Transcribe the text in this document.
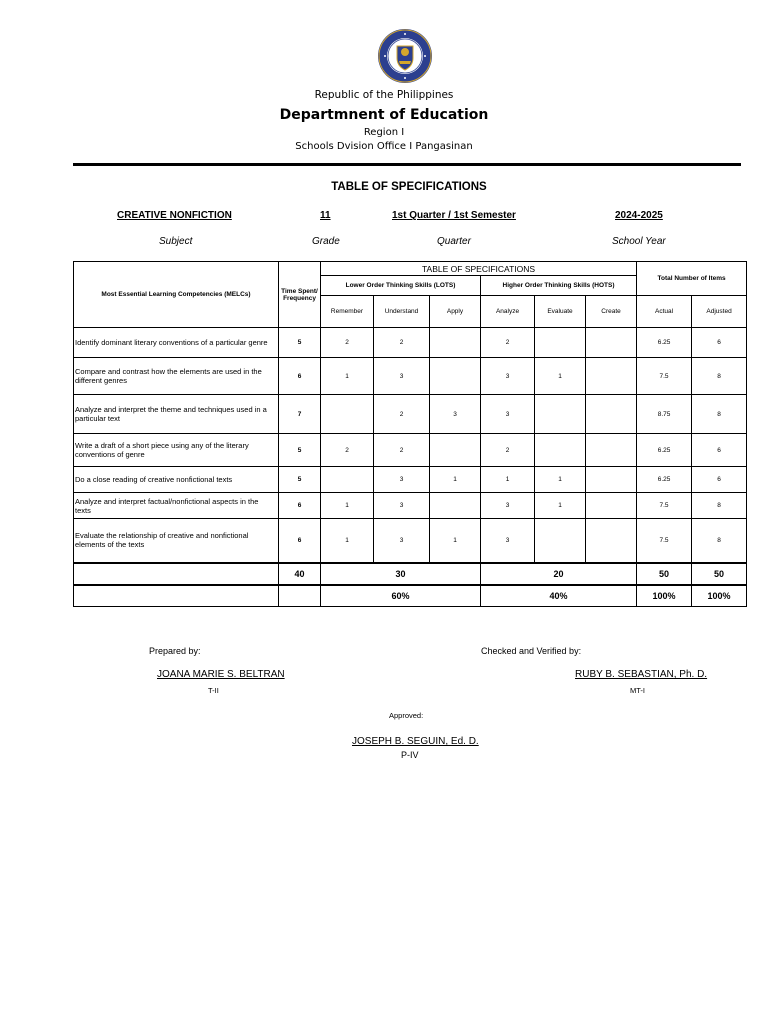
Republic of the Philippines
Departmnent of Education
Region I
Schools Dvision Office I Pangasinan
TABLE OF SPECIFICATIONS
CREATIVE NONFICTION	11	1st Quarter / 1st Semester	2024-2025
Subject	Grade	Quarter	School Year
Most Essential Learning Competencies (MELCs)	Time Spent/ Frequency	TABLE OF SPECIFICATIONS						Total Number of Items	
		Lower Order Thinking Skills (LOTS)			Higher Order Thinking Skills (HOTS)				
		Remember	Understand	Apply	Analyze	Evaluate	Create	Actual	Adjusted
Identify dominant literary conventions of a particular genre	5	2	2		2			6.25	6
Compare and contrast how the elements are used in the different genres	6	1	3		3	1		7.5	8
Analyze and interpret the theme and techniques used in a particular text	7		2	3	3			8.75	8
Write a draft of a short piece using any of the literary conventions of genre	5	2	2		2			6.25	6
Do a close reading of creative nonfictional texts	5		3	1	1	1		6.25	6
Analyze and interpret factual/nonfictional aspects in the texts	6	1	3		3	1		7.5	8
Evaluate the relationship of creative and nonfictional elements of the texts	6	1	3	1	3			7.5	8
	40	30			20			50	50
		60%			40%			100%	100%
Prepared by:	Checked and Verified by:
JOANA MARIE S. BELTRAN	RUBY B. SEBASTIAN, Ph. D.
T-II	MT-I
Approved:
JOSEPH B. SEGUIN, Ed. D.
P-IV
